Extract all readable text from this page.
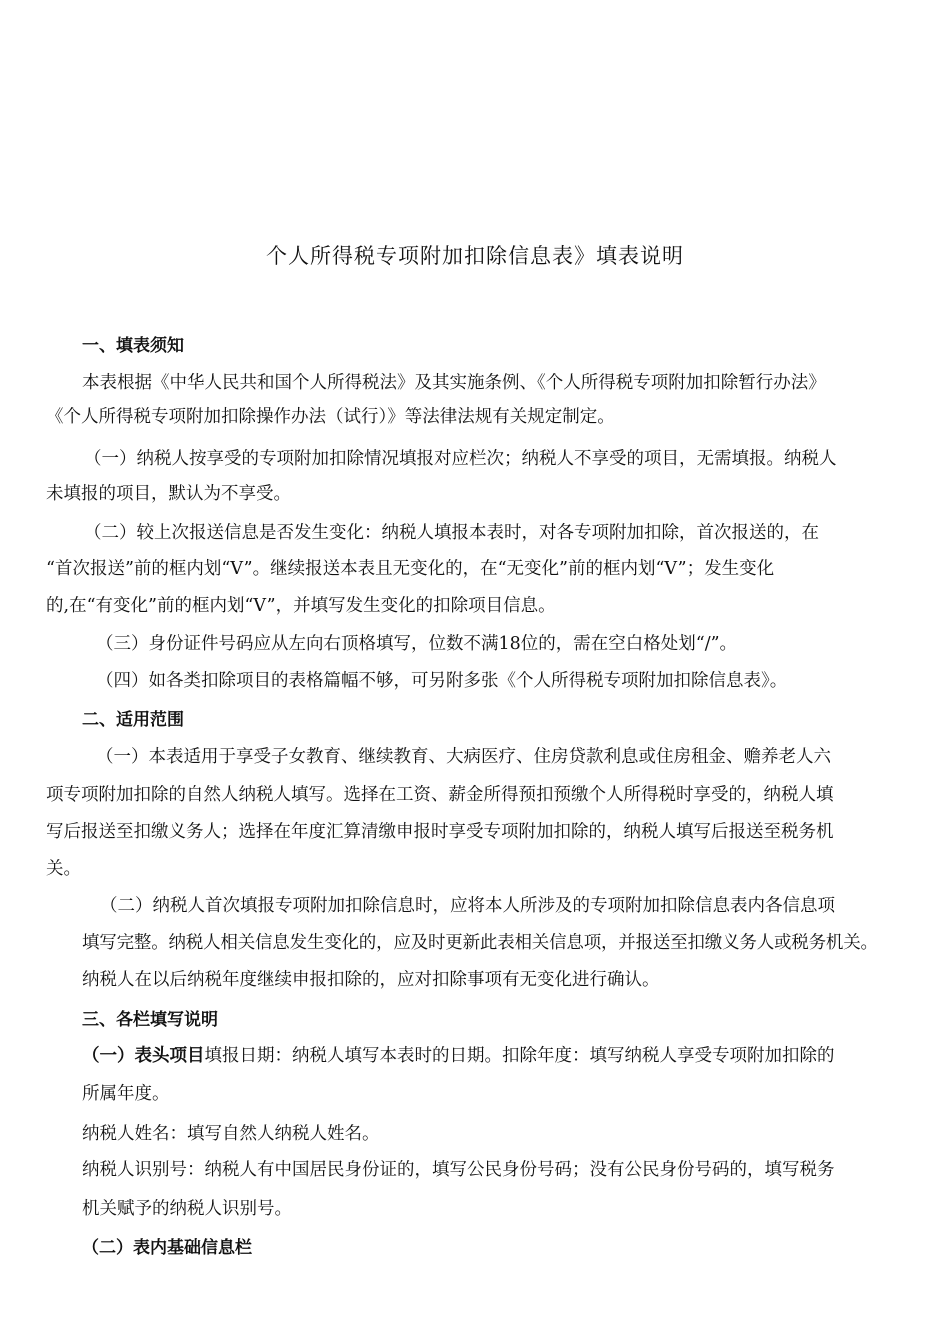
个人所得税专项附加扣除信息表》填表说明
一、填表须知
本表根据《中华人民共和国个人所得税法》及其实施条例、《个人所得税专项附加扣除暂行办法》
《个人所得税专项附加扣除操作办法（试行）》等法律法规有关规定制定。
（一）纳税人按享受的专项附加扣除情况填报对应栏次；纳税人不享受的项目，无需填报。纳税人
未填报的项目，默认为不享受。
（二）较上次报送信息是否发生变化：纳税人填报本表时，对各专项附加扣除，首次报送的，在
“首次报送”前的框内划“V”。继续报送本表且无变化的，在“无变化”前的框内划“V”；发生变化
的,在“有变化”前的框内划“V”，并填写发生变化的扣除项目信息。
（三）身份证件号码应从左向右顶格填写，位数不满18位的，需在空白格处划“/”。
（四）如各类扣除项目的表格篇幅不够，可另附多张《个人所得税专项附加扣除信息表》。
二、适用范围
（一）本表适用于享受子女教育、继续教育、大病医疗、住房贷款利息或住房租金、赡养老人六
项专项附加扣除的自然人纳税人填写。选择在工资、薪金所得预扣预缴个人所得税时享受的，纳税人填
写后报送至扣缴义务人；选择在年度汇算清缴申报时享受专项附加扣除的，纳税人填写后报送至税务机
关。
（二）纳税人首次填报专项附加扣除信息时，应将本人所涉及的专项附加扣除信息表内各信息项
填写完整。纳税人相关信息发生变化的，应及时更新此表相关信息项，并报送至扣缴义务人或税务机关。
纳税人在以后纳税年度继续申报扣除的，应对扣除事项有无变化进行确认。
三、各栏填写说明
（一）表头项目填报日期：纳税人填写本表时的日期。扣除年度：填写纳税人享受专项附加扣除的
所属年度。
纳税人姓名：填写自然人纳税人姓名。
纳税人识别号：纳税人有中国居民身份证的，填写公民身份号码；没有公民身份号码的，填写税务
机关赋予的纳税人识别号。
（二）表内基础信息栏
